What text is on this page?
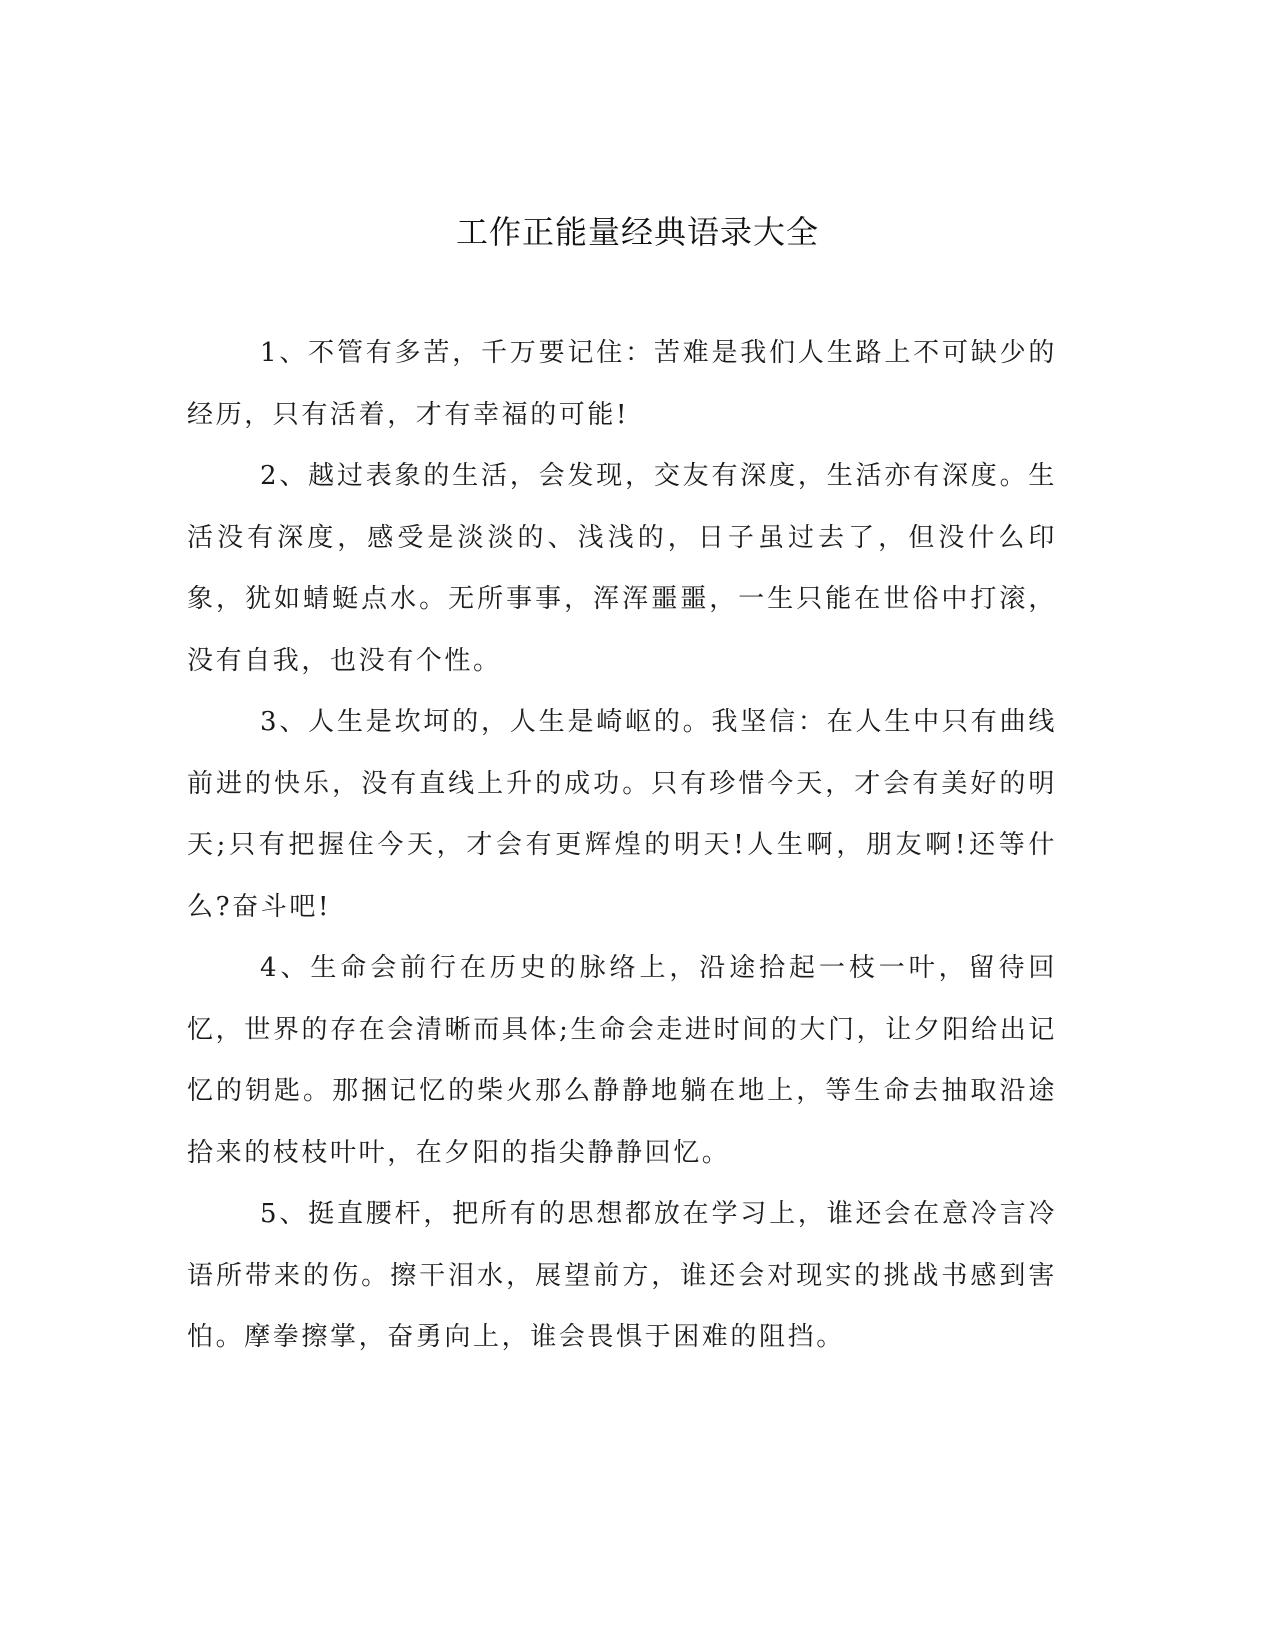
工作正能量经典语录大全

1、不管有多苦，千万要记住：苦难是我们人生路上不可缺少的经历，只有活着，才有幸福的可能!

2、越过表象的生活，会发现，交友有深度，生活亦有深度。生活没有深度，感受是淡淡的、浅浅的，日子虽过去了，但没什么印象，犹如蜻蜓点水。无所事事，浑浑噩噩，一生只能在世俗中打滚，没有自我，也没有个性。

3、人生是坎坷的，人生是崎岖的。我坚信：在人生中只有曲线前进的快乐，没有直线上升的成功。只有珍惜今天，才会有美好的明天;只有把握住今天，才会有更辉煌的明天!人生啊，朋友啊!还等什么?奋斗吧!

4、生命会前行在历史的脉络上，沿途拾起一枝一叶，留待回忆，世界的存在会清晰而具体;生命会走进时间的大门，让夕阳给出记忆的钥匙。那捆记忆的柴火那么静静地躺在地上，等生命去抽取沿途拾来的枝枝叶叶，在夕阳的指尖静静回忆。

5、挺直腰杆，把所有的思想都放在学习上，谁还会在意冷言冷语所带来的伤。擦干泪水，展望前方，谁还会对现实的挑战书感到害怕。摩拳擦掌，奋勇向上，谁会畏惧于困难的阻挡。
